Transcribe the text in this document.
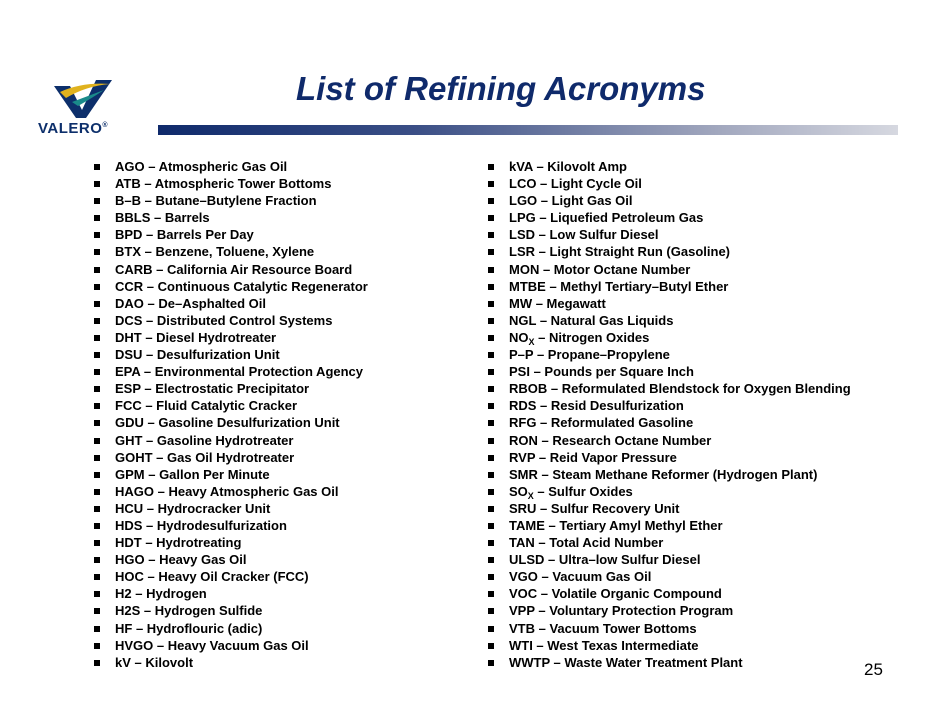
VALERO®
List of Refining Acronyms
AGO – Atmospheric Gas Oil
ATB – Atmospheric Tower Bottoms
B–B – Butane–Butylene Fraction
BBLS – Barrels
BPD – Barrels Per Day
BTX – Benzene, Toluene, Xylene
CARB – California Air Resource Board
CCR – Continuous Catalytic Regenerator
DAO – De–Asphalted Oil
DCS – Distributed Control Systems
DHT – Diesel Hydrotreater
DSU – Desulfurization Unit
EPA – Environmental Protection Agency
ESP – Electrostatic Precipitator
FCC – Fluid Catalytic Cracker
GDU – Gasoline Desulfurization Unit
GHT – Gasoline Hydrotreater
GOHT – Gas Oil Hydrotreater
GPM – Gallon Per Minute
HAGO – Heavy Atmospheric Gas Oil
HCU – Hydrocracker Unit
HDS – Hydrodesulfurization
HDT – Hydrotreating
HGO – Heavy Gas Oil
HOC – Heavy Oil Cracker (FCC)
H2 – Hydrogen
H2S – Hydrogen Sulfide
HF – Hydroflouric (adic)
HVGO – Heavy Vacuum Gas Oil
kV – Kilovolt
kVA – Kilovolt Amp
LCO – Light Cycle Oil
LGO – Light Gas Oil
LPG – Liquefied Petroleum Gas
LSD – Low Sulfur Diesel
LSR – Light Straight Run (Gasoline)
MON – Motor Octane Number
MTBE – Methyl Tertiary–Butyl Ether
MW – Megawatt
NGL – Natural Gas Liquids
$NO_X$ – Nitrogen Oxides
P–P – Propane–Propylene
PSI – Pounds per Square Inch
RBOB – Reformulated Blendstock for Oxygen Blending
RDS – Resid Desulfurization
RFG – Reformulated Gasoline
RON – Research Octane Number
RVP – Reid Vapor Pressure
SMR – Steam Methane Reformer (Hydrogen Plant)
$SO_X$ – Sulfur Oxides
SRU – Sulfur Recovery Unit
TAME – Tertiary Amyl Methyl Ether
TAN – Total Acid Number
ULSD – Ultra–low Sulfur Diesel
VGO – Vacuum Gas Oil
VOC – Volatile Organic Compound
VPP – Voluntary Protection Program
VTB – Vacuum Tower Bottoms
WTI – West Texas Intermediate
WWTP – Waste Water Treatment Plant	25
